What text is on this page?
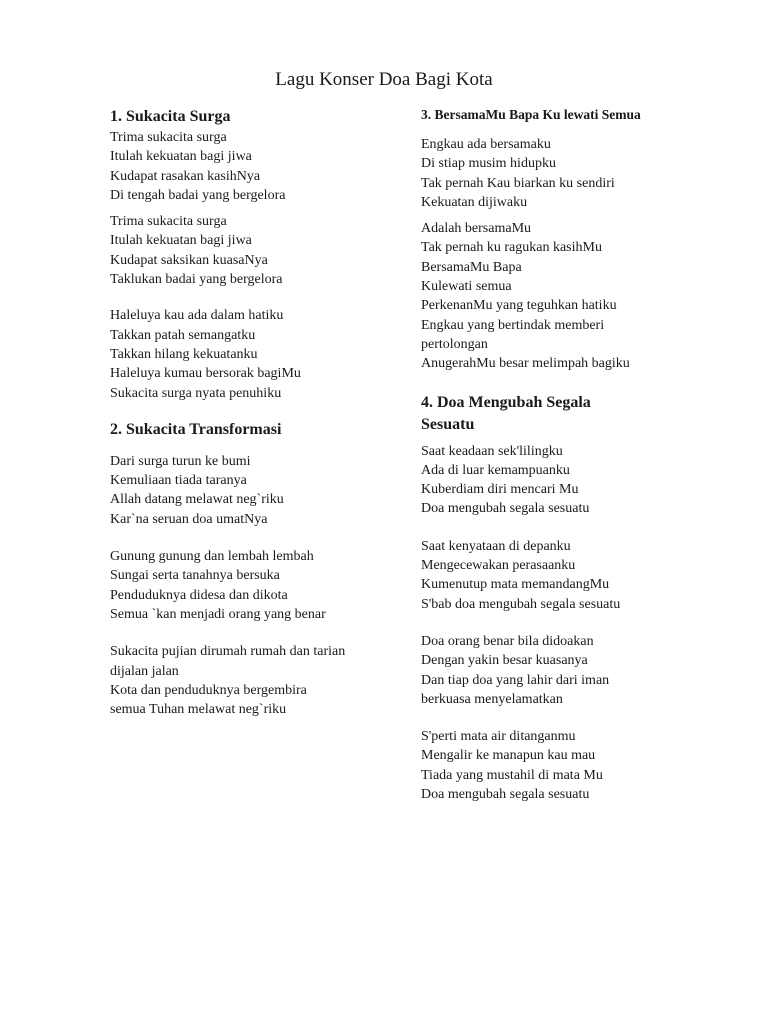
Lagu Konser Doa Bagi Kota
1. Sukacita Surga

Trima sukacita surga
Itulah kekuatan bagi jiwa
Kudapat rasakan kasihNya
Di tengah badai yang bergelora

Trima sukacita surga
Itulah kekuatan bagi jiwa
Kudapat saksikan kuasaNya
Taklukan badai yang bergelora

Haleluya kau ada dalam hatiku
Takkan patah semangatku
Takkan hilang kekuatanku
Haleluya kumau bersorak bagiMu
Sukacita surga nyata penuhiku

2. Sukacita Transformasi

Dari surga turun ke bumi
Kemuliaan tiada taranya
Allah datang melawat neg`riku
Kar`na seruan doa umatNya

Gunung gunung dan lembah lembah
Sungai serta tanahnya bersuka
Penduduknya didesa dan dikota
Semua `kan menjadi orang yang benar

Sukacita pujian dirumah rumah dan tarian dijalan jalan
Kota dan penduduknya bergembira
semua Tuhan melawat neg`riku

3. BersamaMu Bapa Ku lewati Semua

Engkau ada bersamaku
Di stiap musim hidupku
Tak pernah Kau biarkan ku sendiri
Kekuatan dijiwaku

Adalah bersamaMu
Tak pernah ku ragukan kasihMu
BersamaMu Bapa
Kulewati semua
PerkenanMu yang teguhkan hatiku
Engkau yang bertindak memberi pertolongan
AnugerahMu besar melimpah bagiku

4. Doa Mengubah Segala Sesuatu

Saat keadaan sek'lilingku
Ada di luar kemampuanku
Kuberdiam diri mencari Mu
Doa mengubah segala sesuatu

Saat kenyataan di depanku
Mengecewakan perasaanku
Kumenutup mata memandangMu
S'bab doa mengubah segala sesuatu

Doa orang benar bila didoakan
Dengan yakin besar kuasanya
Dan tiap doa yang lahir dari iman
berkuasa menyelamatkan

S'perti mata air ditanganmu
Mengalir ke manapun kau mau
Tiada yang mustahil di mata Mu
Doa mengubah segala sesuatu
